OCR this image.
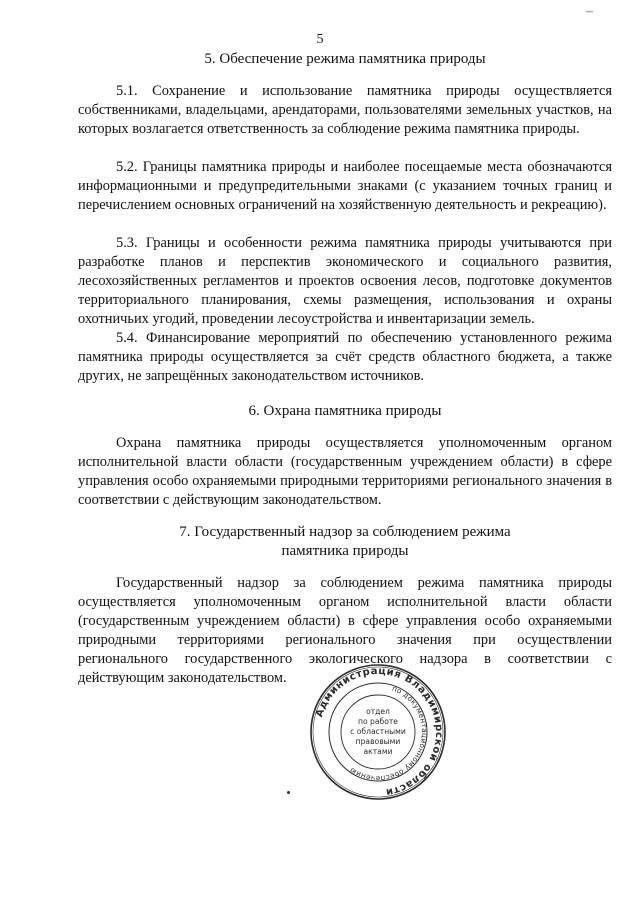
–
5
5. Обеспечение режима памятника природы

5.1. Сохранение и использование памятника природы осуществляется собственниками, владельцами, арендаторами, пользователями земельных участков, на которых возлагается ответственность за соблюдение режима памятника природы.

5.2. Границы памятника природы и наиболее посещаемые места обозначаются информационными и предупредительными знаками (с указанием точных границ и перечислением основных ограничений на хозяйственную деятельность и рекреацию).

5.3. Границы и особенности режима памятника природы учитываются при разработке планов и перспектив экономического и социального развития, лесохозяйственных регламентов и проектов освоения лесов, подготовке документов территориального планирования, схемы размещения, использования и охраны охотничьих угодий, проведении лесоустройства и инвентаризации земель.

5.4. Финансирование мероприятий по обеспечению установленного режима памятника природы осуществляется за счёт средств областного бюджета, а также других, не запрещённых законодательством источников.

6. Охрана памятника природы

Охрана памятника природы осуществляется уполномоченным органом исполнительной власти области (государственным учреждением области) в сфере управления особо охраняемыми природными территориями регионального значения в соответствии с действующим законодательством.

7. Государственный надзор за соблюдением режима
памятника природы

Государственный надзор за соблюдением режима памятника природы осуществляется уполномоченным органом исполнительной власти области (государственным учреждением области) в сфере управления особо охраняемыми природными территориями регионального значения при осуществлении регионального государственного экологического надзора в соответствии с действующим законодательством.

Администрация Владимирской области
по документационному обеспечению
отдел
по работе
с областными
правовыми
актами
